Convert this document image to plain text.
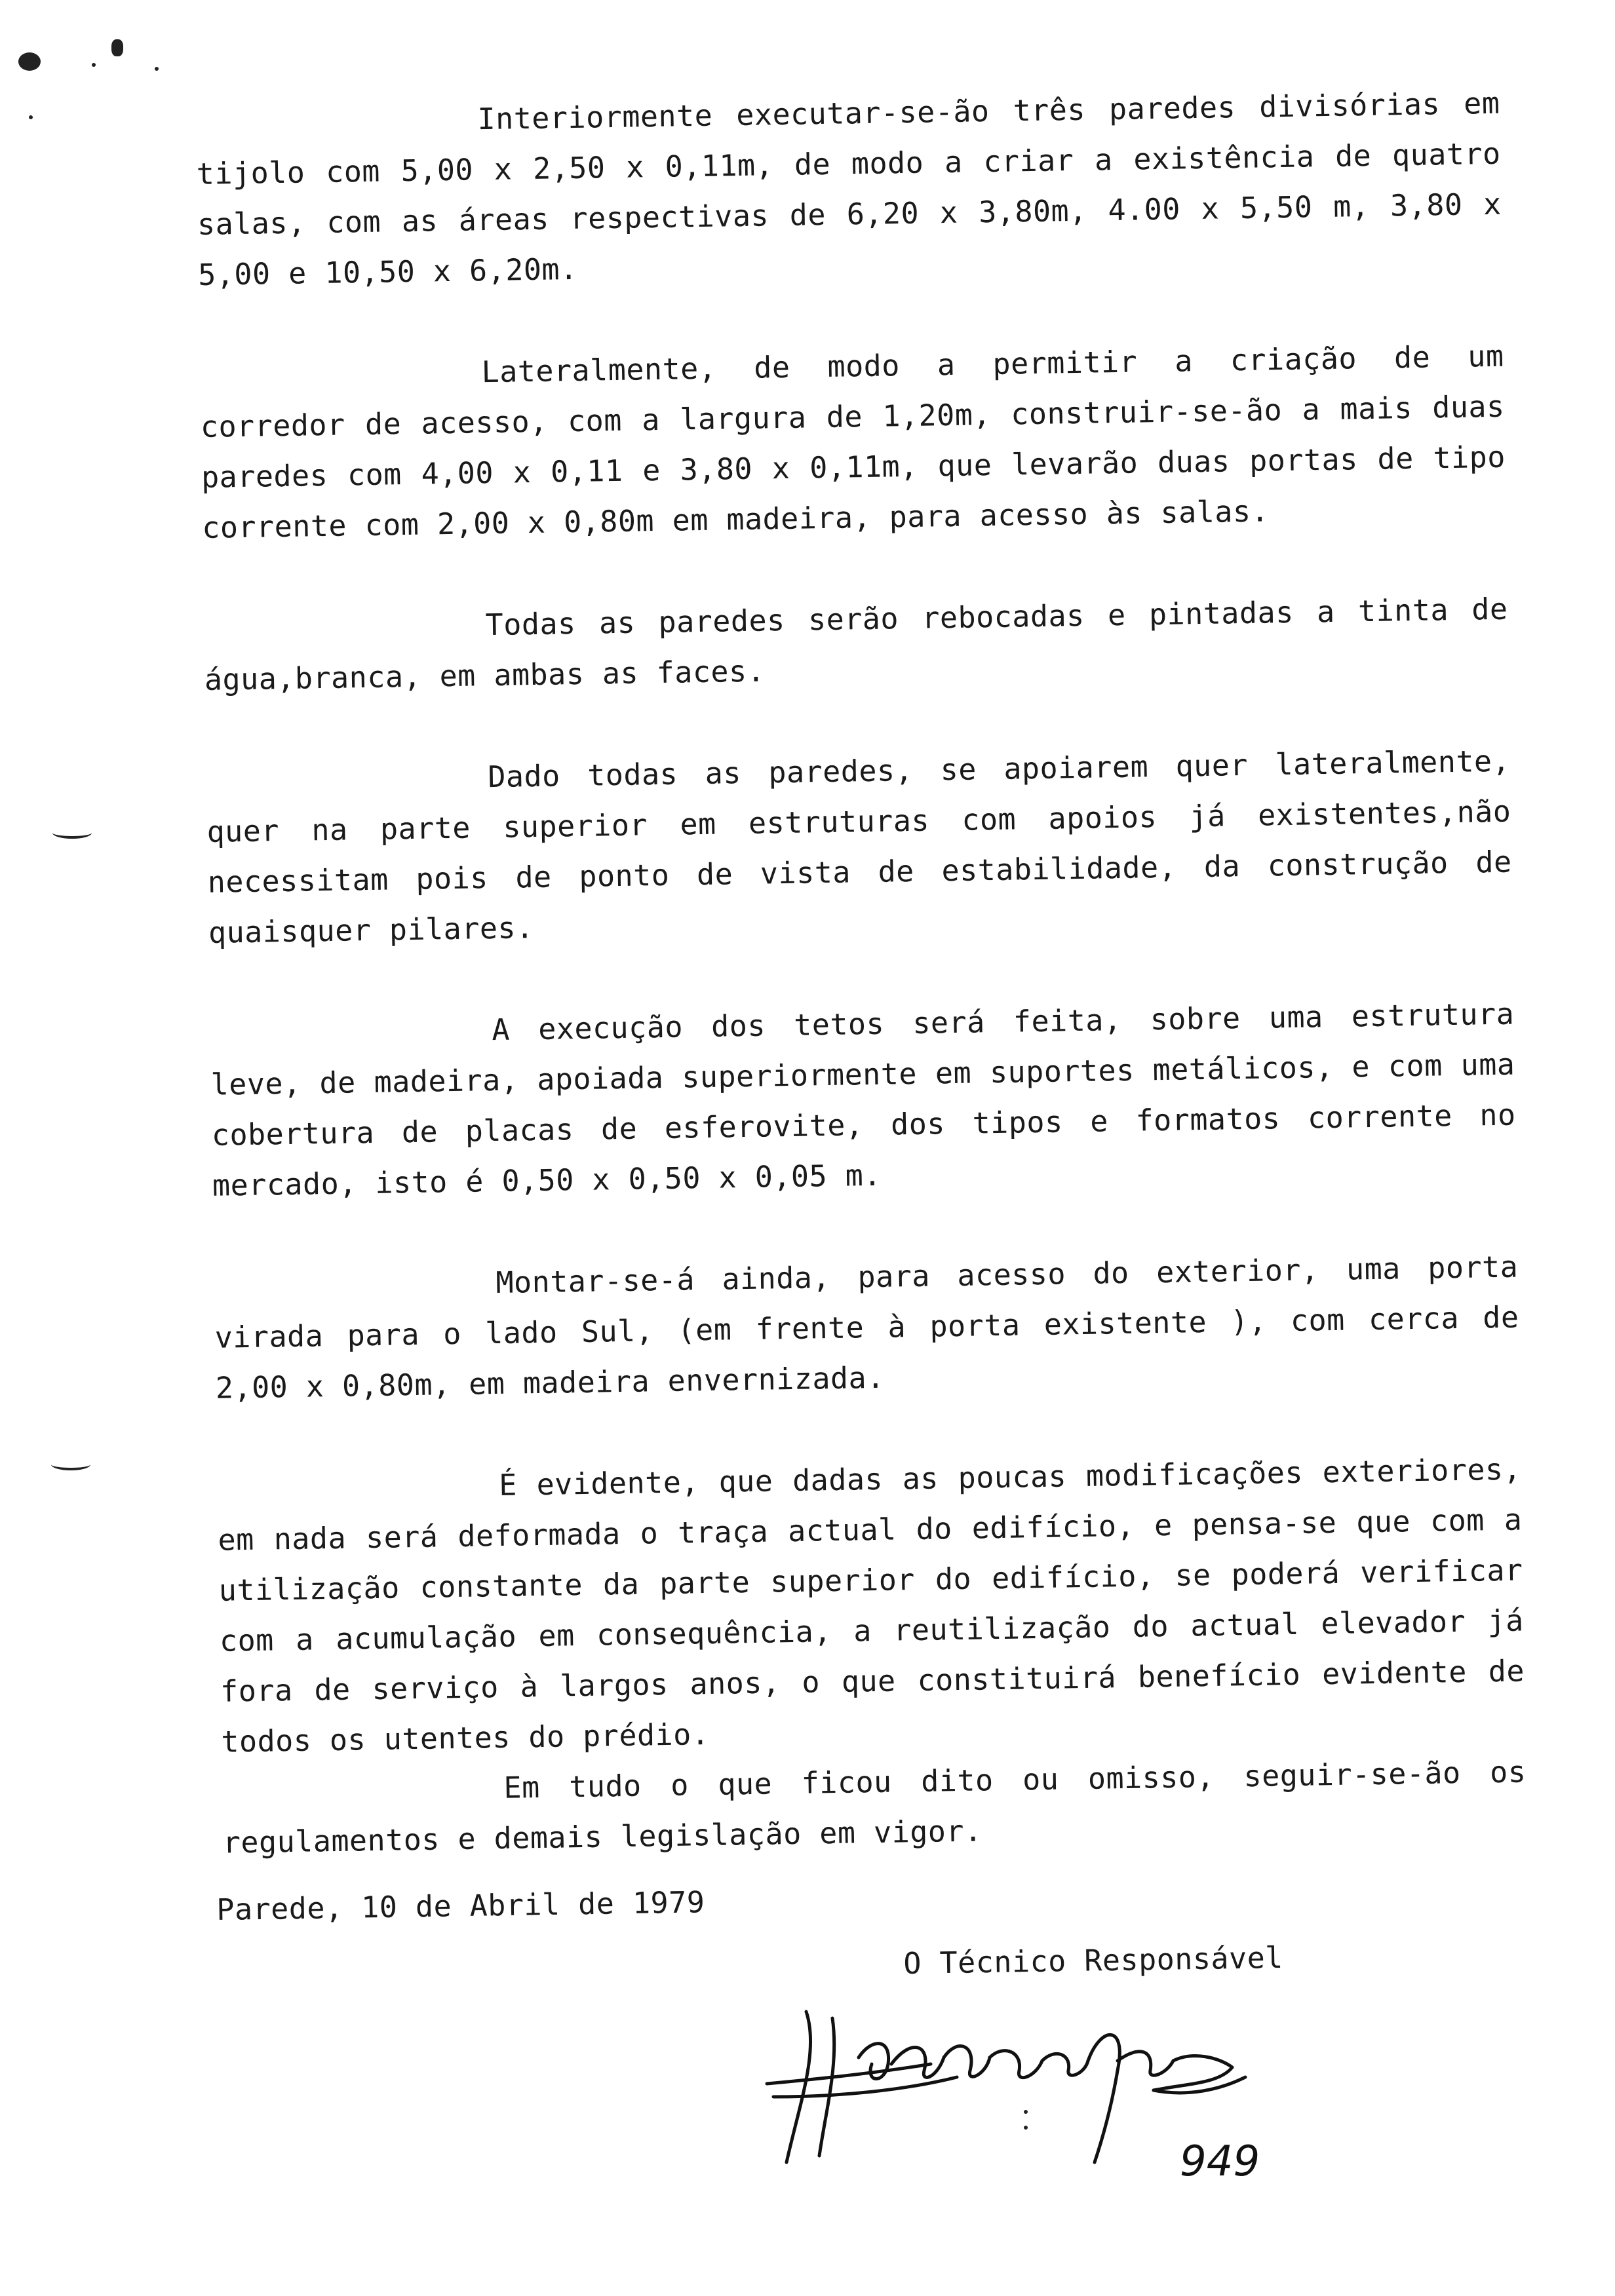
Interiormente executar-se-ão três paredes divisórias em tijolo com 5,00 x 2,50 x 0,11m, de modo a criar a existência de quatro salas, com as áreas respectivas de 6,20 x 3,80m, 4.00 x 5,50 m, 3,80 x 5,00 e 10,50 x 6,20m.

Lateralmente, de modo a permitir a criação de um corredor de acesso, com a largura de 1,20m, construir-se-ão a mais duas paredes com 4,00 x 0,11 e 3,80 x 0,11m, que levarão duas portas de tipo corrente com 2,00 x 0,80m em madeira, para acesso às salas.

Todas as paredes serão rebocadas e pintadas a tinta de água,branca, em ambas as faces.

Dado todas as paredes, se apoiarem quer lateralmente, quer na parte superior em estruturas com apoios já existentes,não necessitam pois de ponto de vista de estabilidade, da construção de quaisquer pilares.

A execução dos tetos será feita, sobre uma estrutura leve, de madeira, apoiada superiormente em suportes metálicos, e com uma cobertura de placas de esferovite, dos tipos e formatos corrente no mercado, isto é 0,50 x 0,50 x 0,05 m.

Montar-se-á ainda, para acesso do exterior, uma porta virada para o lado Sul, (em frente à porta existente ), com cerca de 2,00 x 0,80m, em madeira envernizada.

É evidente, que dadas as poucas modificações exteriores, em nada será deformada o traça actual do edifício, e pensa-se que com a utilização constante da parte superior do edifício, se poderá verificar com a acumulação em consequência, a reutilização do actual elevador já fora de serviço à largos anos, o que constituirá benefício evidente de todos os utentes do prédio.

Em tudo o que ficou dito ou omisso, seguir-se-ão os regulamentos e demais legislação em vigor.

Parede, 10 de Abril de 1979
O Técnico Responsável
949
